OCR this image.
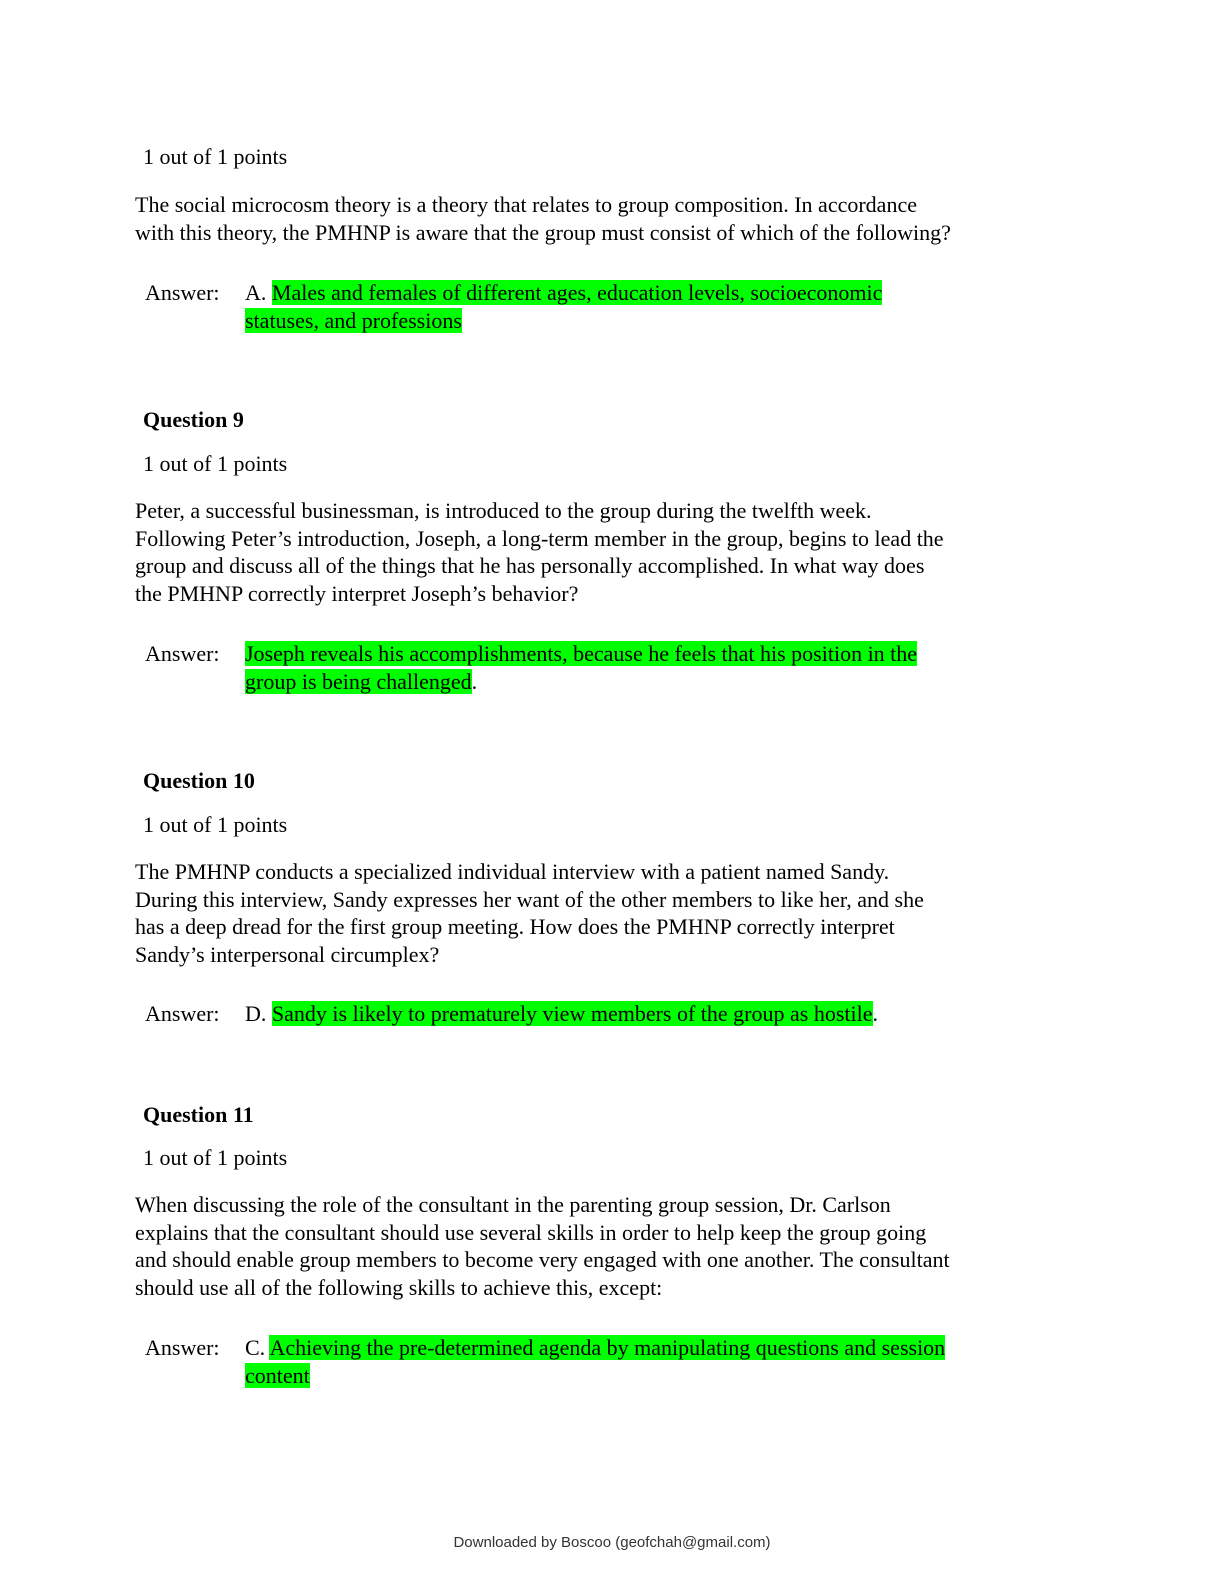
1 out of 1 points
The social microcosm theory is a theory that relates to group composition. In accordance
with this theory, the PMHNP is aware that the group must consist of which of the following?
Answer: A. Males and females of different ages, education levels, socioeconomic
statuses, and professions
Question 9
1 out of 1 points
Peter, a successful businessman, is introduced to the group during the twelfth week.
Following Peter’s introduction, Joseph, a long-term member in the group, begins to lead the
group and discuss all of the things that he has personally accomplished. In what way does
the PMHNP correctly interpret Joseph’s behavior?
Answer: Joseph reveals his accomplishments, because he feels that his position in the
group is being challenged.
Question 10
1 out of 1 points
The PMHNP conducts a specialized individual interview with a patient named Sandy.
During this interview, Sandy expresses her want of the other members to like her, and she
has a deep dread for the first group meeting. How does the PMHNP correctly interpret
Sandy’s interpersonal circumplex?
Answer: D. Sandy is likely to prematurely view members of the group as hostile.
Question 11
1 out of 1 points
When discussing the role of the consultant in the parenting group session, Dr. Carlson
explains that the consultant should use several skills in order to help keep the group going
and should enable group members to become very engaged with one another. The consultant
should use all of the following skills to achieve this, except:
Answer: C. Achieving the pre-determined agenda by manipulating questions and session
content
Downloaded by Boscoo (geofchah@gmail.com)
